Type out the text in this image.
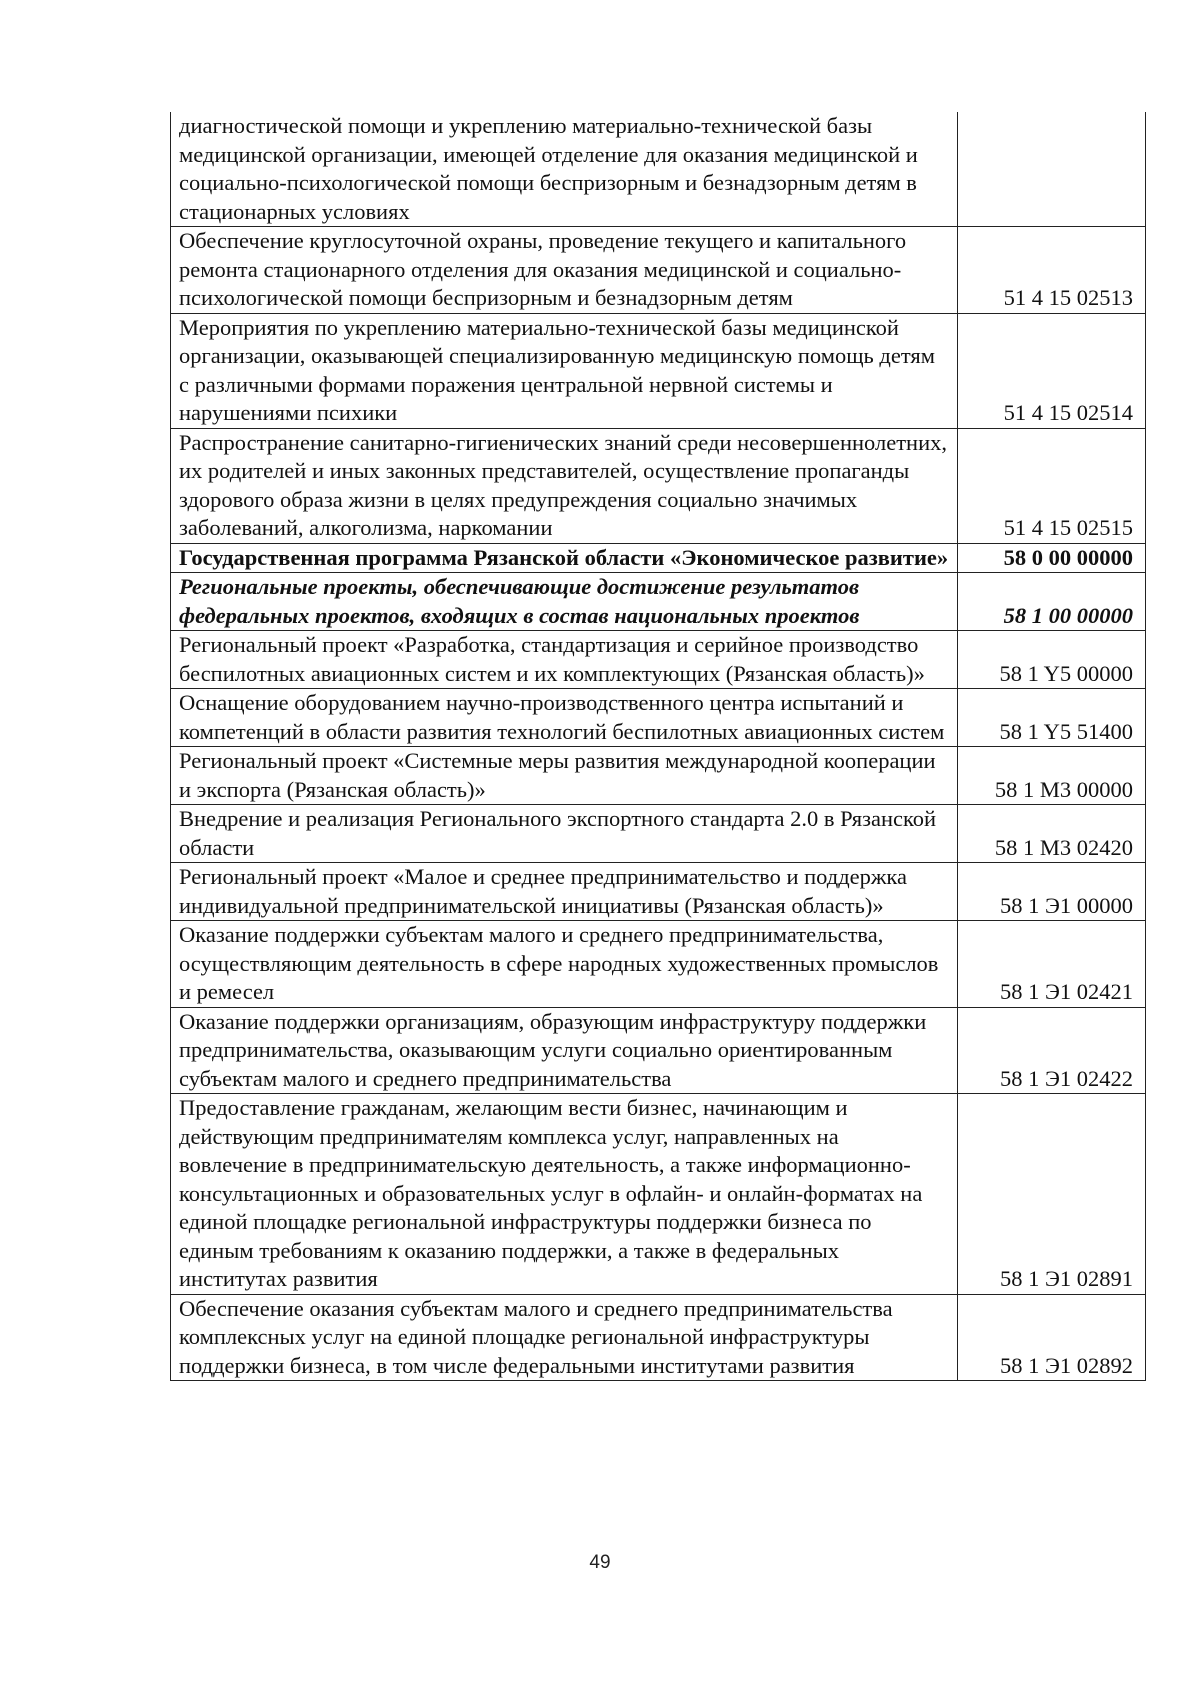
диагностической помощи и укреплению материально-технической базы медицинской организации, имеющей отделение для оказания медицинской и социально-психологической помощи беспризорным и безнадзорным детям в стационарных условиях	

Обеспечение круглосуточной охраны, проведение текущего и капитального ремонта стационарного отделения для оказания медицинской и социально-психологической помощи беспризорным и безнадзорным детям	51 4 15 02513

Мероприятия по укреплению материально-технической базы медицинской организации, оказывающей специализированную медицинскую помощь детям с различными формами поражения центральной нервной системы и нарушениями психики	51 4 15 02514

Распространение санитарно-гигиенических знаний среди несовершеннолетних, их родителей и иных законных представителей, осуществление пропаганды здорового образа жизни в целях предупреждения социально значимых заболеваний, алкоголизма, наркомании	51 4 15 02515

Государственная программа Рязанской области «Экономическое развитие»	58 0 00 00000

Региональные проекты, обеспечивающие достижение результатов федеральных проектов, входящих в состав национальных проектов	58 1 00 00000

Региональный проект «Разработка, стандартизация и серийное производство беспилотных авиационных систем и их комплектующих (Рязанская область)»	58 1 Y5 00000

Оснащение оборудованием научно-производственного центра испытаний и компетенций в области развития технологий беспилотных авиационных систем	58 1 Y5 51400

Региональный проект «Системные меры развития международной кооперации и экспорта (Рязанская область)»	58 1 M3 00000

Внедрение и реализация Регионального экспортного стандарта 2.0 в Рязанской области	58 1 M3 02420

Региональный проект «Малое и среднее предпринимательство и поддержка индивидуальной предпринимательской инициативы (Рязанская область)»	58 1 Э1 00000

Оказание поддержки субъектам малого и среднего предпринимательства, осуществляющим деятельность в сфере народных художественных промыслов и ремесел	58 1 Э1 02421

Оказание поддержки организациям, образующим инфраструктуру поддержки предпринимательства, оказывающим услуги социально ориентированным субъектам малого и среднего предпринимательства	58 1 Э1 02422

Предоставление гражданам, желающим вести бизнес, начинающим и действующим предпринимателям комплекса услуг, направленных на вовлечение в предпринимательскую деятельность, а также информационно-консультационных и образовательных услуг в офлайн- и онлайн-форматах на единой площадке региональной инфраструктуры поддержки бизнеса по единым требованиям к оказанию поддержки, а также в федеральных институтах развития	58 1 Э1 02891

Обеспечение оказания субъектам малого и среднего предпринимательства комплексных услуг на единой площадке региональной инфраструктуры поддержки бизнеса, в том числе федеральными институтами развития	58 1 Э1 02892
49
